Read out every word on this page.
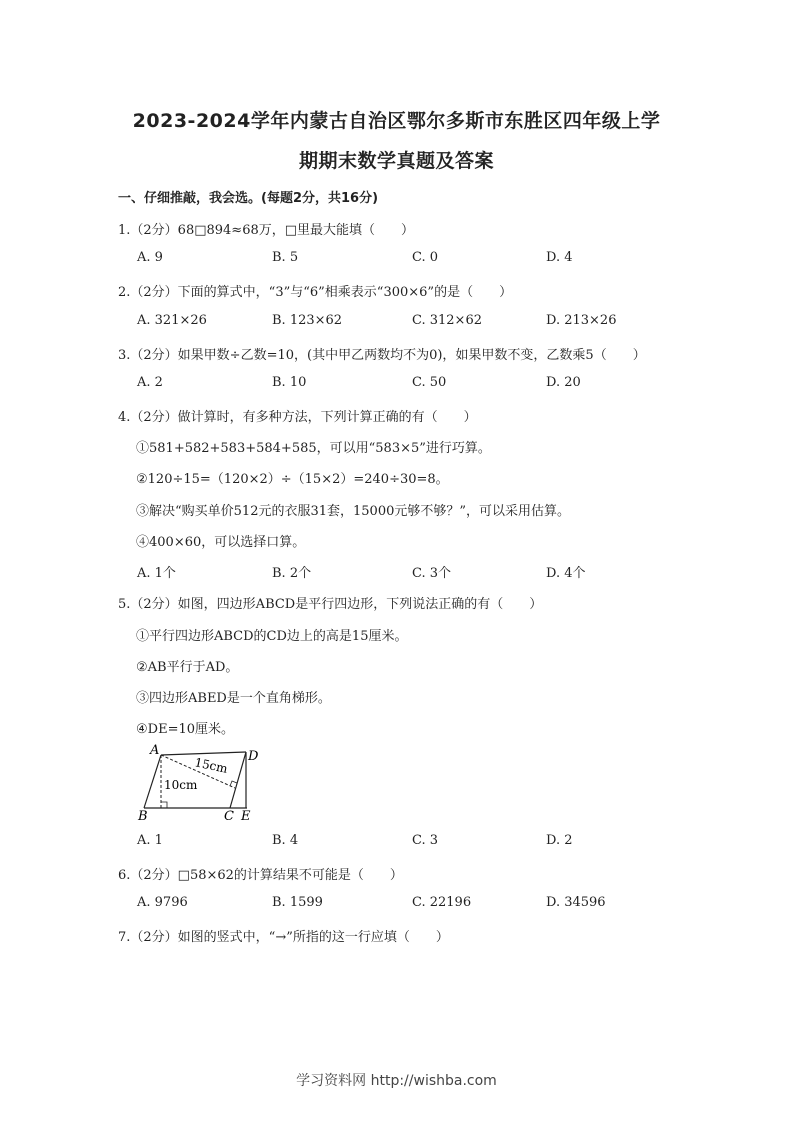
2023-2024学年内蒙古自治区鄂尔多斯市东胜区四年级上学
期期末数学真题及答案
一、仔细推敲，我会选。(每题2分，共16分)
1.（2分）68□894≈68万，□里最大能填（　　）
A. 9	B. 5	C. 0	D. 4
2.（2分）下面的算式中，“3”与“6”相乘表示“300×6”的是（　　）
A. 321×26	B. 123×62	C. 312×62	D. 213×26
3.（2分）如果甲数÷乙数=10，(其中甲乙两数均不为0)，如果甲数不变，乙数乘5（　　）
A. 2	B. 10	C. 50	D. 20
4.（2分）做计算时，有多种方法，下列计算正确的有（　　）
①581+582+583+584+585，可以用“583×5”进行巧算。
②120÷15=（120×2）÷（15×2）=240÷30=8。
③解决“购买单价512元的衣服31套，15000元够不够？”，可以采用估算。
④400×60，可以选择口算。
A. 1个	B. 2个	C. 3个	D. 4个
5.（2分）如图，四边形ABCD是平行四边形，下列说法正确的有（　　）
①平行四边形ABCD的CD边上的高是15厘米。
②AB平行于AD。
③四边形ABED是一个直角梯形。
④DE=10厘米。
A
B	C
D
E
15cm
10cm
A. 1	B. 4	C. 3	D. 2
6.（2分）□58×62的计算结果不可能是（　　）
A. 9796	B. 1599	C. 22196	D. 34596
7.（2分）如图的竖式中，“→”所指的这一行应填（　　）
学习资料网 http://wishba.com
